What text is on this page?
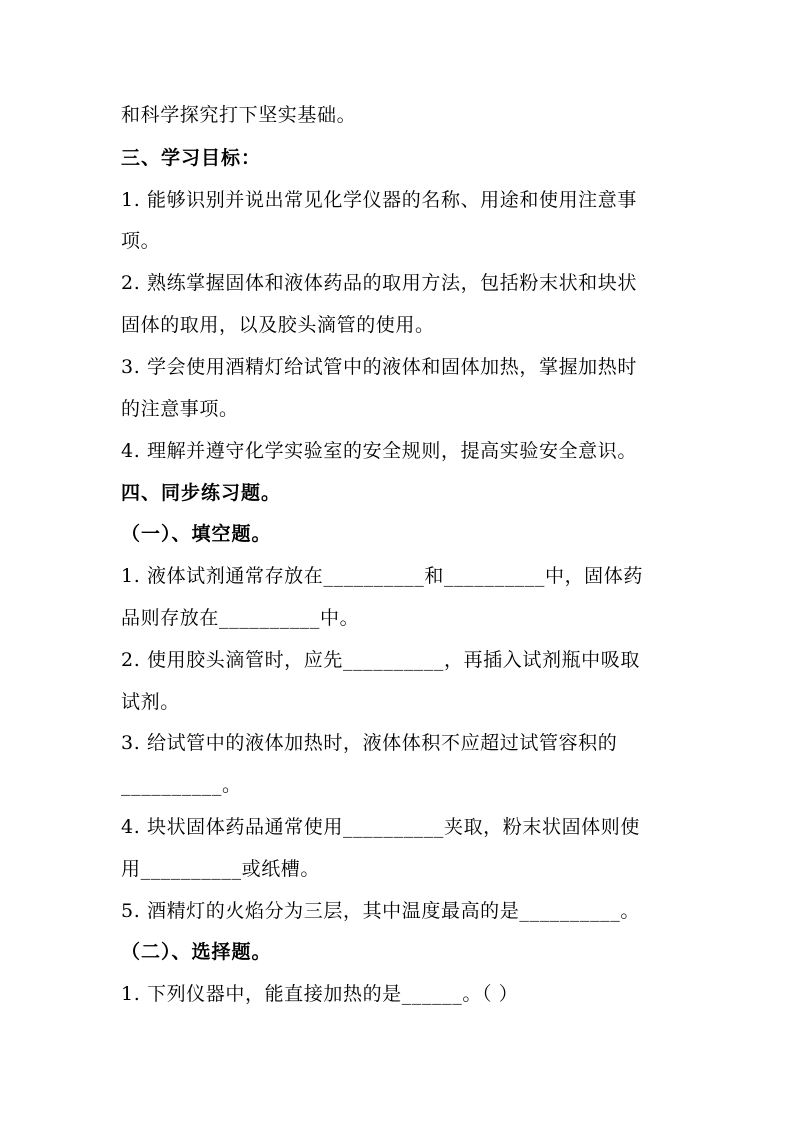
和科学探究打下坚实基础。
三、学习目标：
1. 能够识别并说出常见化学仪器的名称、用途和使用注意事
项。
2. 熟练掌握固体和液体药品的取用方法，包括粉末状和块状
固体的取用，以及胶头滴管的使用。
3. 学会使用酒精灯给试管中的液体和固体加热，掌握加热时
的注意事项。
4. 理解并遵守化学实验室的安全规则，提高实验安全意识。
四、同步练习题。
（一）、填空题。
1. 液体试剂通常存放在__________和__________中，固体药
品则存放在__________中。
2. 使用胶头滴管时，应先__________，再插入试剂瓶中吸取
试剂。
3. 给试管中的液体加热时，液体体积不应超过试管容积的
__________。
4. 块状固体药品通常使用__________夹取，粉末状固体则使
用__________或纸槽。
5. 酒精灯的火焰分为三层，其中温度最高的是__________。
（二）、选择题。
1. 下列仪器中，能直接加热的是______。（ ）
